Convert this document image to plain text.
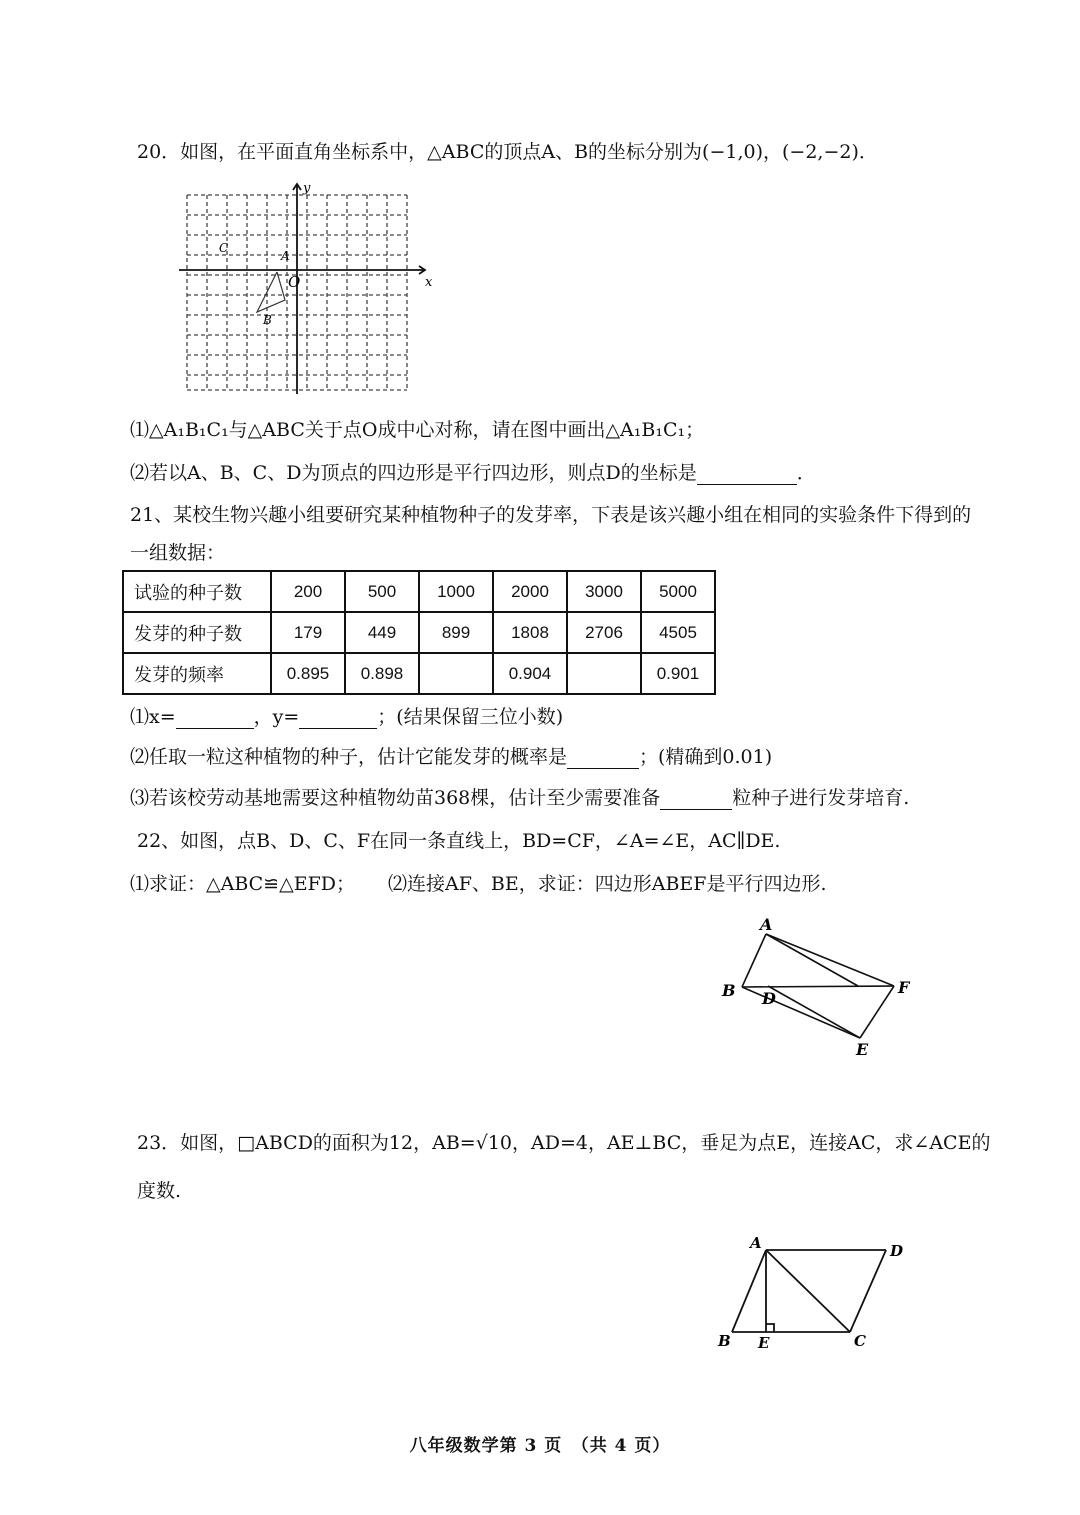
20．如图，在平面直角坐标系中，△ABC的顶点A、B的坐标分别为(−1,0)，(−2,−2)．
y
x
O
A
B
C
⑴△A₁B₁C₁与△ABC关于点O成中心对称，请在图中画出△A₁B₁C₁；
⑵若以A、B、C、D为顶点的四边形是平行四边形，则点D的坐标是	．
21、某校生物兴趣小组要研究某种植物种子的发芽率，下表是该兴趣小组在相同的实验条件下得到的
一组数据：
试验的种子数	200	500	1000	2000	3000	5000
发芽的种子数	179	449	899	1808	2706	4505
发芽的频率	0.895	0.898		0.904		0.901
⑴x=	，y=	；(结果保留三位小数)
⑵任取一粒这种植物的种子，估计它能发芽的概率是	；(精确到0.01)
⑶若该校劳动基地需要这种植物幼苗368棵，估计至少需要准备	粒种子进行发芽培育.
22、如图，点B、D、C、F在同一条直线上，BD=CF，∠A=∠E，AC∥DE.
⑴求证：△ABC≌△EFD； ⑵连接AF、BE，求证：四边形ABEF是平行四边形.
A
B D
F
E
23．如图，□ABCD的面积为12，AB=√10，AD=4，AE⊥BC，垂足为点E，连接AC，求∠ACE的
度数.
A	D
B E	C
八年级数学第 3 页　（共 4 页）
